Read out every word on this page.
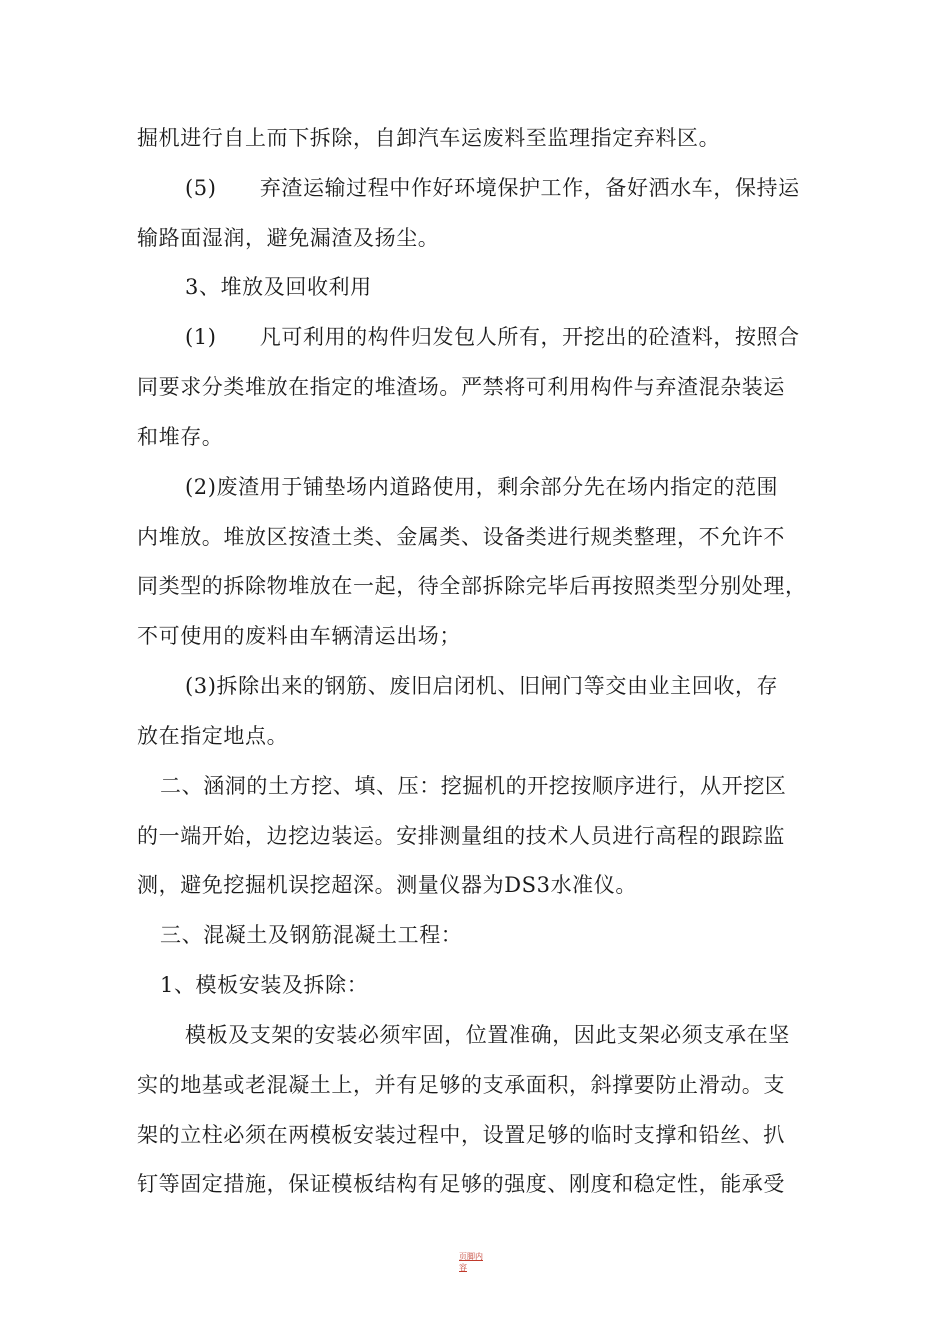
掘机进行自上而下拆除，自卸汽车运废料至监理指定弃料区。
(5)　　弃渣运输过程中作好环境保护工作，备好洒水车，保持运
输路面湿润，避免漏渣及扬尘。
3、堆放及回收利用
(1)　　凡可利用的构件归发包人所有，开挖出的砼渣料，按照合
同要求分类堆放在指定的堆渣场。严禁将可利用构件与弃渣混杂装运
和堆存。
(2)废渣用于铺垫场内道路使用，剩余部分先在场内指定的范围
内堆放。堆放区按渣土类、金属类、设备类进行规类整理，不允许不
同类型的拆除物堆放在一起，待全部拆除完毕后再按照类型分别处理，
不可使用的废料由车辆清运出场；
(3)拆除出来的钢筋、废旧启闭机、旧闸门等交由业主回收，存
放在指定地点。
二、涵洞的土方挖、填、压：挖掘机的开挖按顺序进行，从开挖区
的一端开始，边挖边装运。安排测量组的技术人员进行高程的跟踪监
测，避免挖掘机误挖超深。测量仪器为DS3水准仪。
三、混凝土及钢筋混凝土工程：
1、模板安装及拆除：
模板及支架的安装必须牢固，位置准确，因此支架必须支承在坚
实的地基或老混凝土上，并有足够的支承面积，斜撑要防止滑动。支
架的立柱必须在两模板安装过程中，设置足够的临时支撑和铅丝、扒
钉等固定措施，保证模板结构有足够的强度、刚度和稳定性，能承受
页脚内容
